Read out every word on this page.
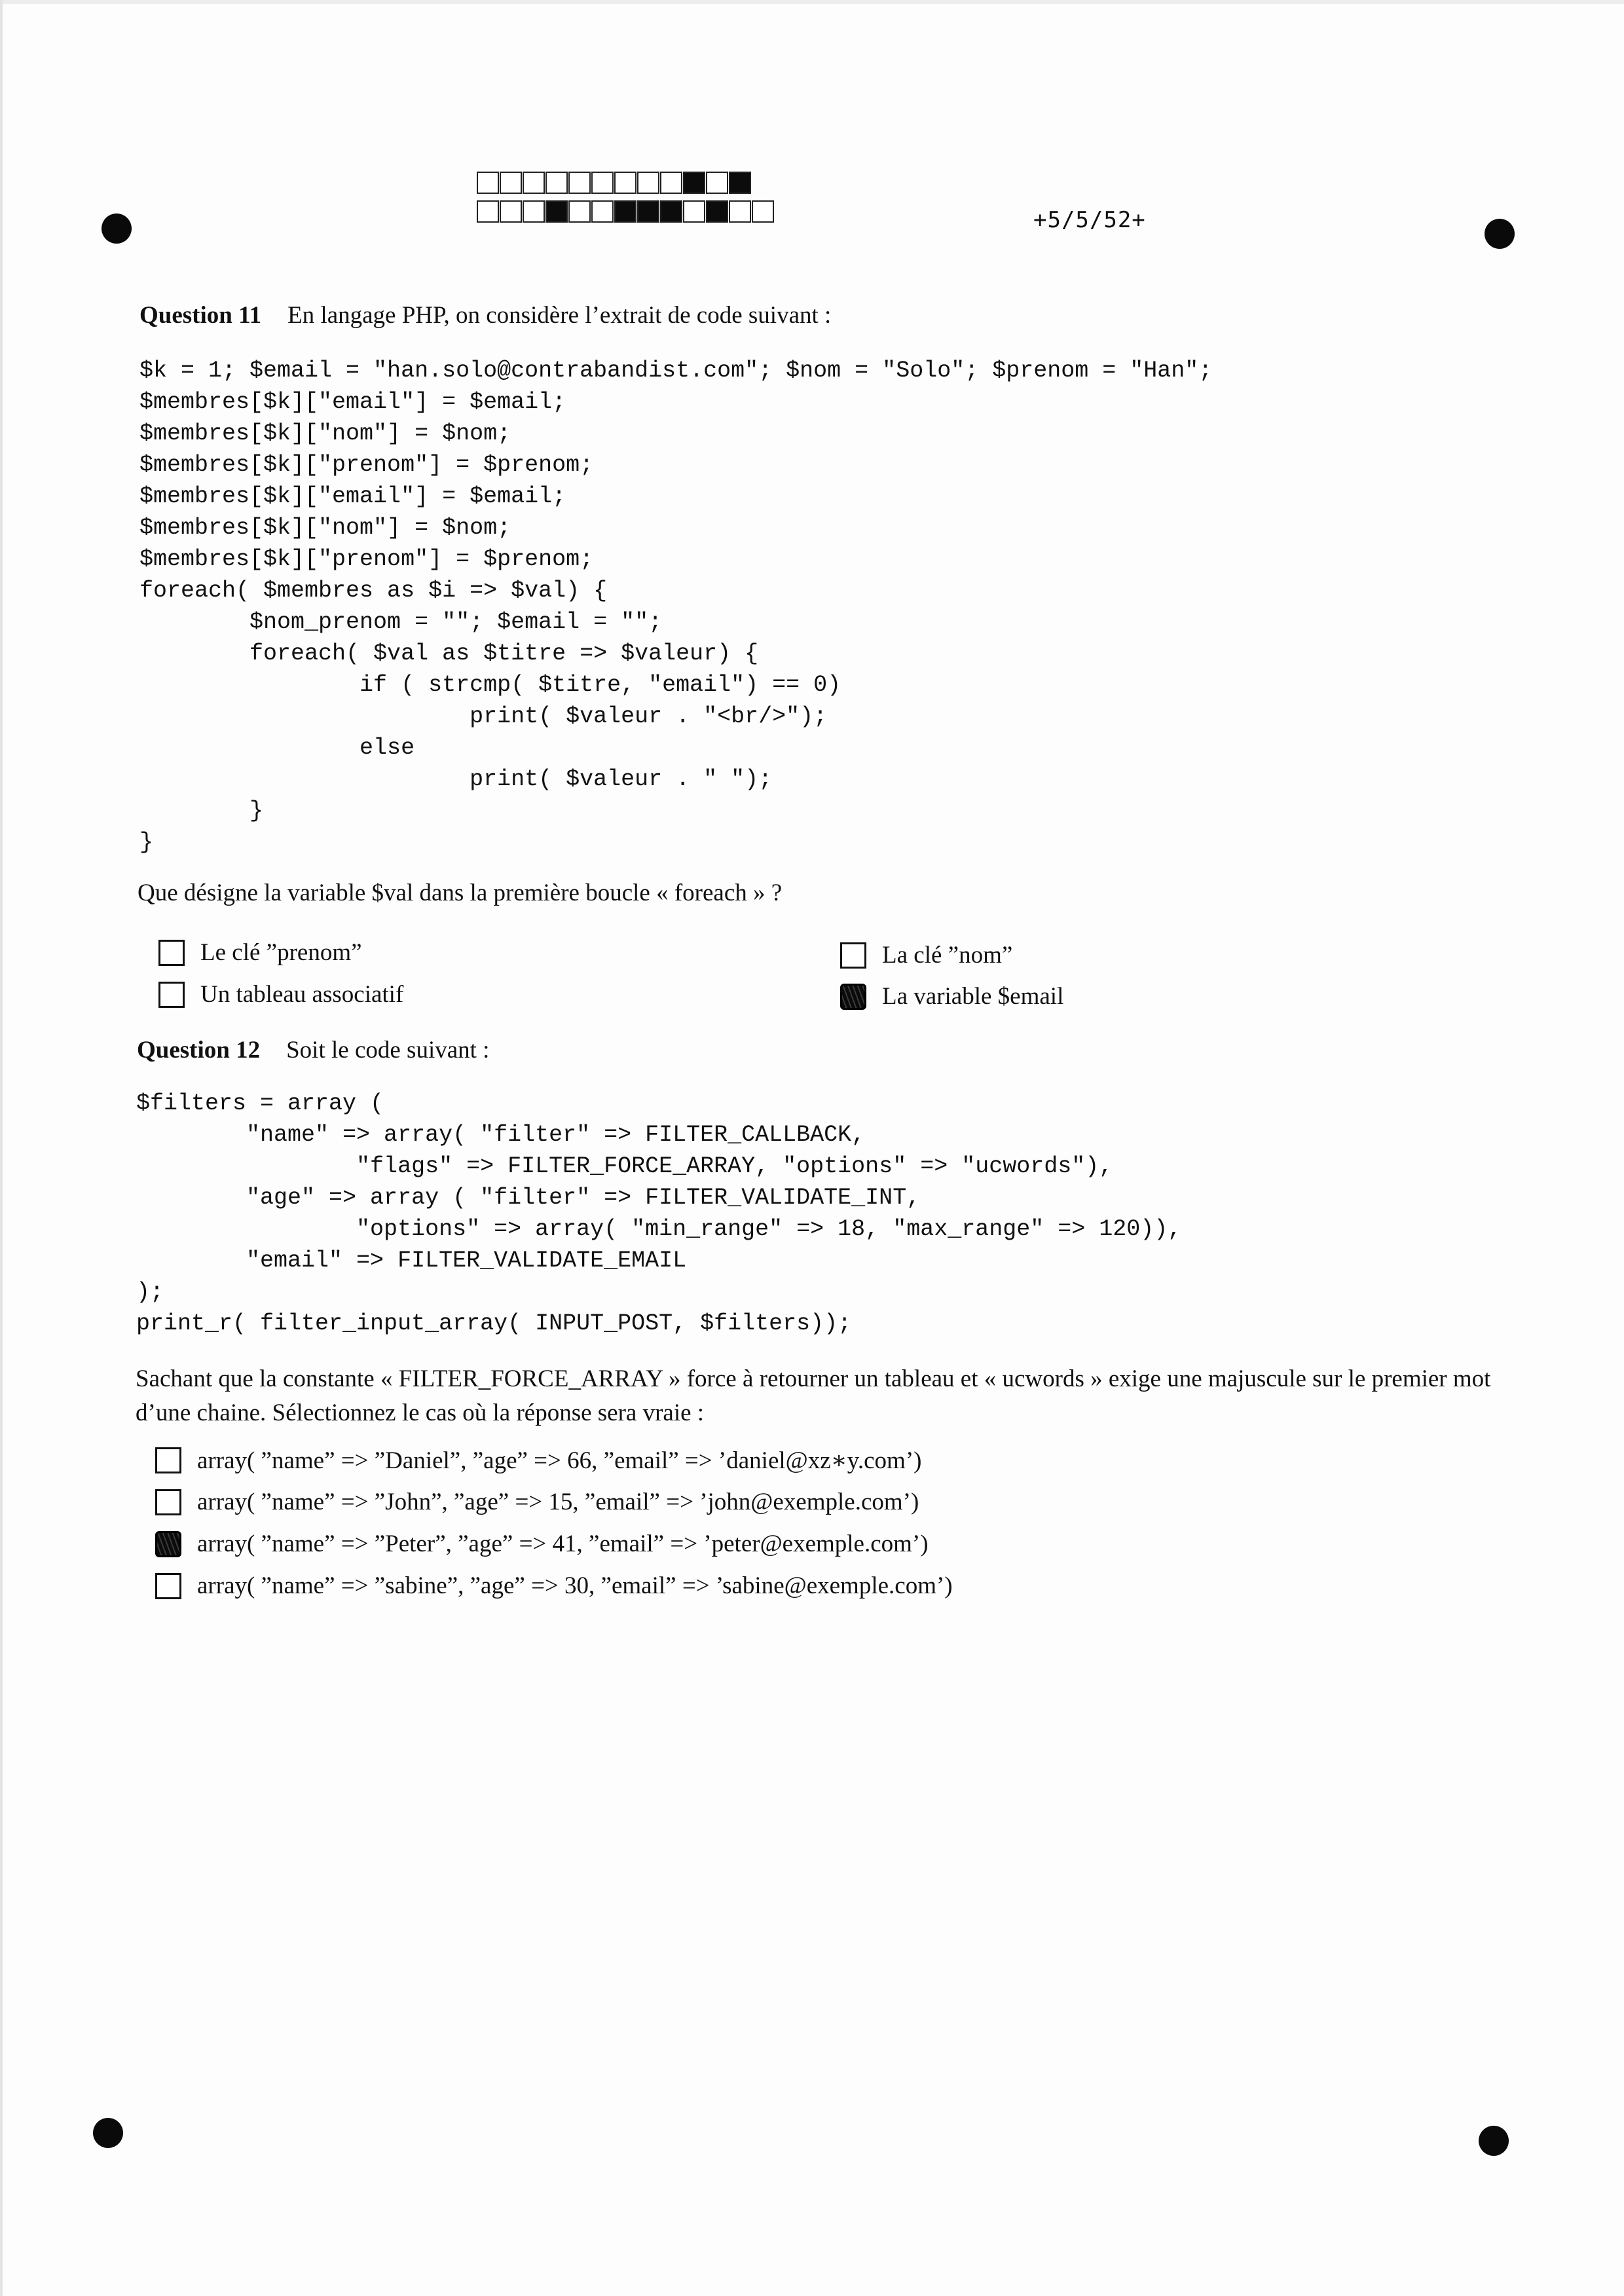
+5/5/52+
Question 11 En langage PHP, on considère l’extrait de code suivant :
$k = 1; $email = "han.solo@contrabandist.com"; $nom = "Solo"; $prenom = "Han";
$membres[$k]["email"] = $email;
$membres[$k]["nom"] = $nom;
$membres[$k]["prenom"] = $prenom;
$membres[$k]["email"] = $email;
$membres[$k]["nom"] = $nom;
$membres[$k]["prenom"] = $prenom;
foreach( $membres as $i => $val) {
$nom_prenom = ""; $email = "";
foreach( $val as $titre => $valeur) {
if ( strcmp( $titre, "email") == 0)
print( $valeur . "<br/>");
else
print( $valeur . " ");
}
}
Que désigne la variable $val dans la première boucle « foreach » ?
Le clé ”prenom”
Un tableau associatif
La clé ”nom”
La variable $email
Question 12 Soit le code suivant :
$filters = array (
"name" => array( "filter" => FILTER_CALLBACK,
"flags" => FILTER_FORCE_ARRAY, "options" => "ucwords"),
"age" => array ( "filter" => FILTER_VALIDATE_INT,
"options" => array( "min_range" => 18, "max_range" => 120)),
"email" => FILTER_VALIDATE_EMAIL
);
print_r( filter_input_array( INPUT_POST, $filters));
Sachant que la constante « FILTER_FORCE_ARRAY » force à retourner un tableau et « ucwords » exige une majuscule sur le premier mot d’une chaine. Sélectionnez le cas où la réponse sera vraie :
array( ”name” => ”Daniel”, ”age” => 66, ”email” => ’daniel@xz∗y.com’)
array( ”name” => ”John”, ”age” => 15, ”email” => ’john@exemple.com’)
array( ”name” => ”Peter”, ”age” => 41, ”email” => ’peter@exemple.com’)
array( ”name” => ”sabine”, ”age” => 30, ”email” => ’sabine@exemple.com’)
